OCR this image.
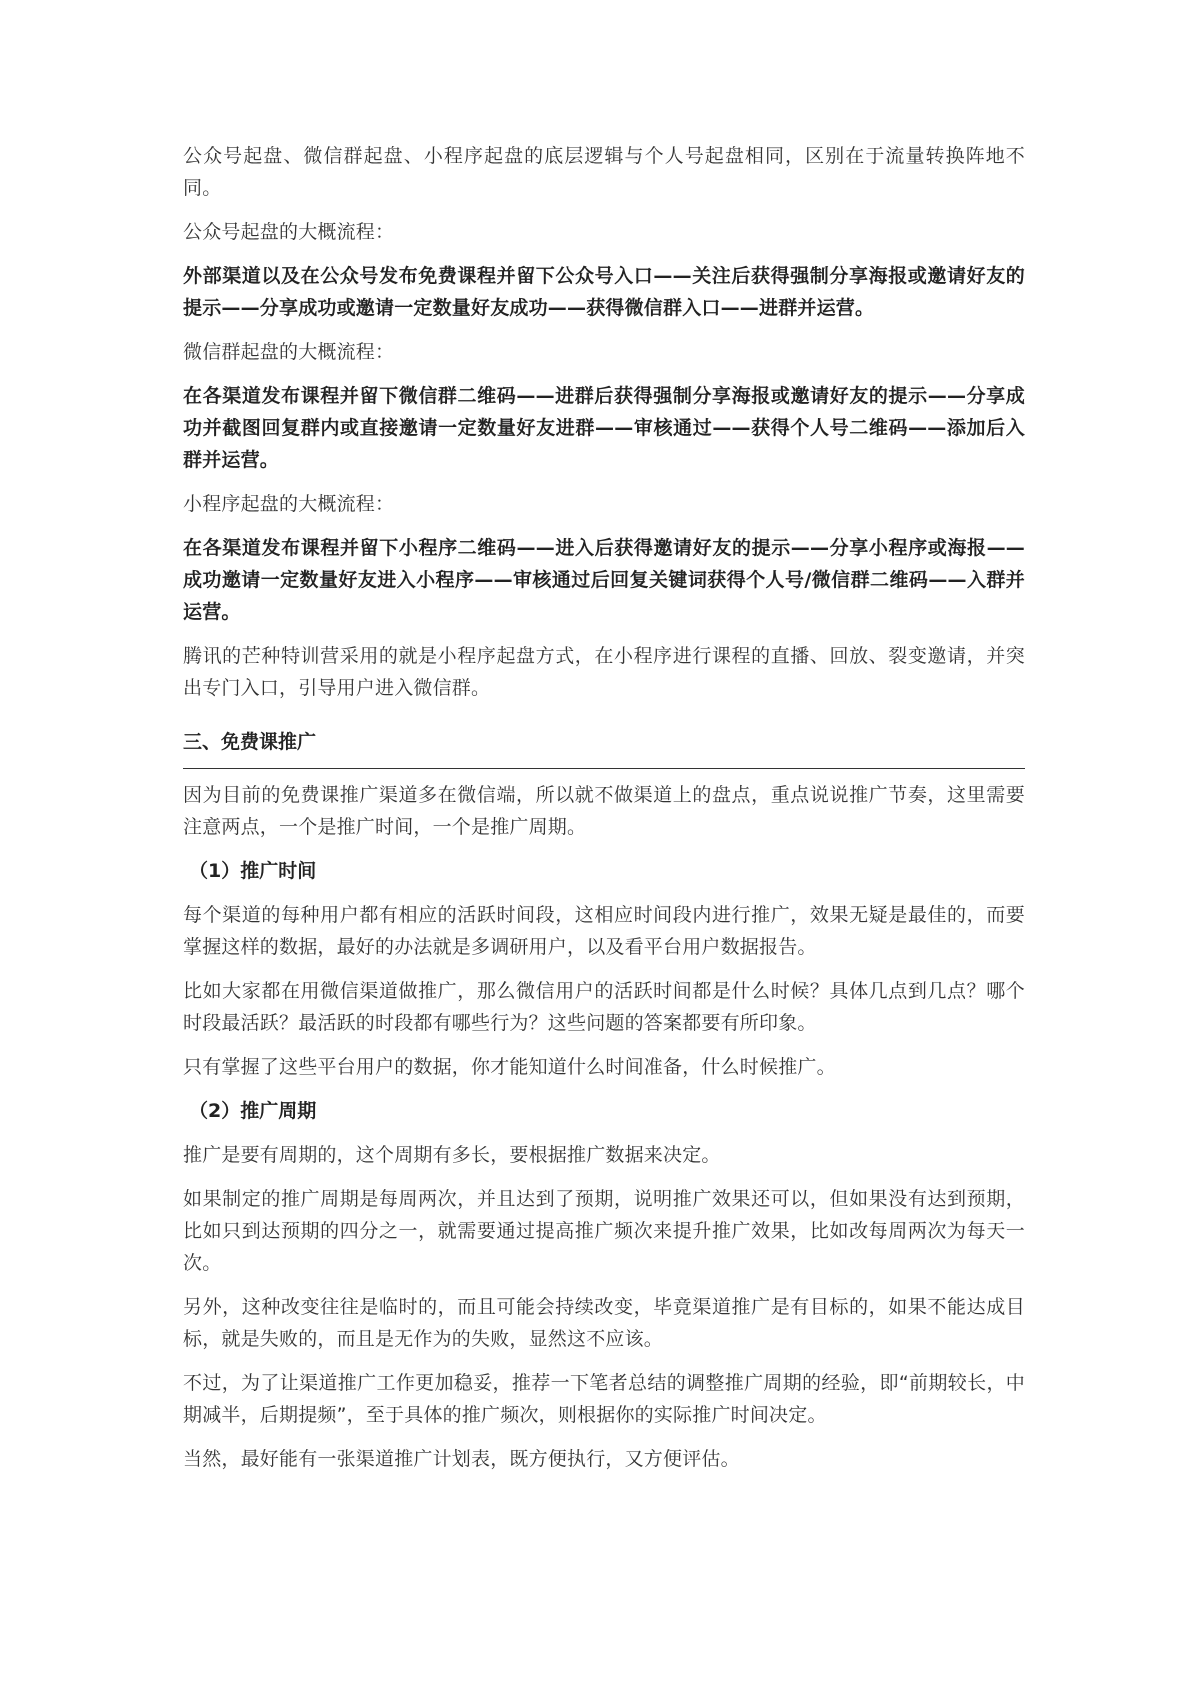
公众号起盘、微信群起盘、小程序起盘的底层逻辑与个人号起盘相同，区别在于流量转换阵地不同。

公众号起盘的大概流程：

外部渠道以及在公众号发布免费课程并留下公众号入口——关注后获得强制分享海报或邀请好友的提示——分享成功或邀请一定数量好友成功——获得微信群入口——进群并运营。

微信群起盘的大概流程：

在各渠道发布课程并留下微信群二维码——进群后获得强制分享海报或邀请好友的提示——分享成功并截图回复群内或直接邀请一定数量好友进群——审核通过——获得个人号二维码——添加后入群并运营。

小程序起盘的大概流程：

在各渠道发布课程并留下小程序二维码——进入后获得邀请好友的提示——分享小程序或海报——成功邀请一定数量好友进入小程序——审核通过后回复关键词获得个人号/微信群二维码——入群并运营。

腾讯的芒种特训营采用的就是小程序起盘方式，在小程序进行课程的直播、回放、裂变邀请，并突出专门入口，引导用户进入微信群。

三、免费课推广

因为目前的免费课推广渠道多在微信端，所以就不做渠道上的盘点，重点说说推广节奏，这里需要注意两点，一个是推广时间，一个是推广周期。

（1）推广时间

每个渠道的每种用户都有相应的活跃时间段，这相应时间段内进行推广，效果无疑是最佳的，而要掌握这样的数据，最好的办法就是多调研用户，以及看平台用户数据报告。

比如大家都在用微信渠道做推广，那么微信用户的活跃时间都是什么时候？具体几点到几点？哪个时段最活跃？最活跃的时段都有哪些行为？这些问题的答案都要有所印象。

只有掌握了这些平台用户的数据，你才能知道什么时间准备，什么时候推广。

（2）推广周期

推广是要有周期的，这个周期有多长，要根据推广数据来决定。

如果制定的推广周期是每周两次，并且达到了预期，说明推广效果还可以，但如果没有达到预期，比如只到达预期的四分之一，就需要通过提高推广频次来提升推广效果，比如改每周两次为每天一次。

另外，这种改变往往是临时的，而且可能会持续改变，毕竟渠道推广是有目标的，如果不能达成目标，就是失败的，而且是无作为的失败，显然这不应该。

不过，为了让渠道推广工作更加稳妥，推荐一下笔者总结的调整推广周期的经验，即“前期较长，中期减半，后期提频”，至于具体的推广频次，则根据你的实际推广时间决定。

当然，最好能有一张渠道推广计划表，既方便执行，又方便评估。
